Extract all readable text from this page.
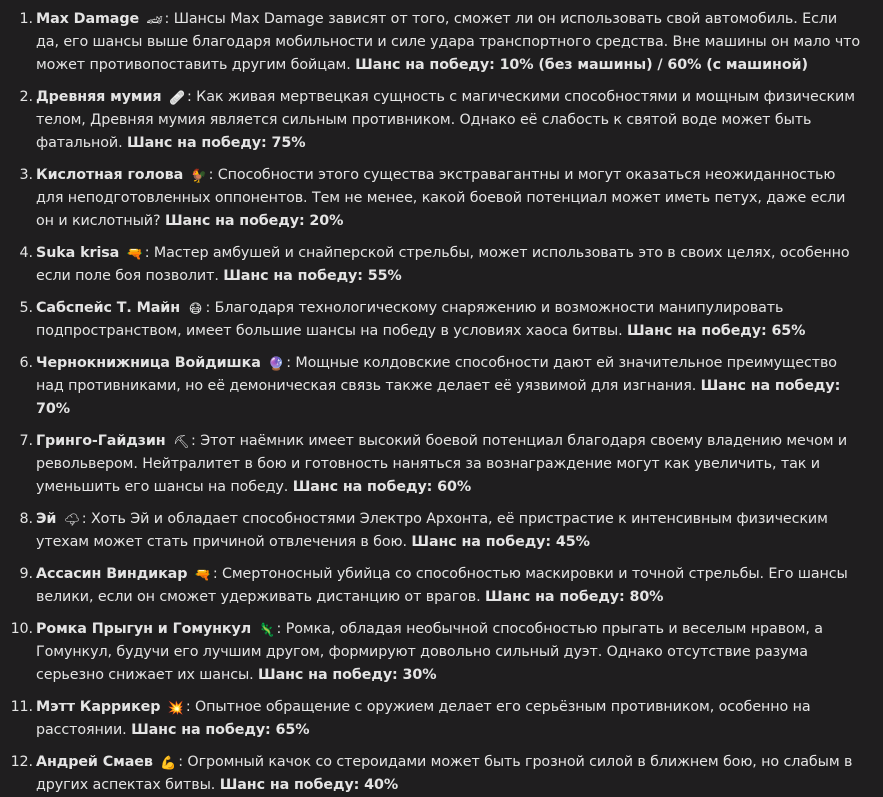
1. Max Damage 🏎 : Шансы Max Damage зависят от того, сможет ли он использовать свой автомобиль. Если да, его шансы выше благодаря мобильности и силе удара транспортного средства. Вне машины он мало что может противопоставить другим бойцам. Шанс на победу: 10% (без машины) / 60% (с машиной)
2. Древняя мумия 🩹 : Как живая мертвецкая сущность с магическими способностями и мощным физическим телом, Древняя мумия является сильным противником. Однако её слабость к святой воде может быть фатальной. Шанс на победу: 75%
3. Кислотная голова 🐓 : Способности этого существа экстравагантны и могут оказаться неожиданностью для неподготовленных оппонентов. Тем не менее, какой боевой потенциал может иметь петух, даже если он и кислотный? Шанс на победу: 20%
4. Suka krisa 🔫 : Мастер амбушей и снайперской стрельбы, может использовать это в своих целях, особенно если поле боя позволит. Шанс на победу: 55%
5. Сабспейс Т. Майн 😷 : Благодаря технологическому снаряжению и возможности манипулировать подпространством, имеет большие шансы на победу в условиях хаоса битвы. Шанс на победу: 65%
6. Чернокнижница Войдишка 🔮 : Мощные колдовские способности дают ей значительное преимущество над противниками, но её демоническая связь также делает её уязвимой для изгнания. Шанс на победу: 70%
7. Гринго-Гайдзин ⛏ : Этот наёмник имеет высокий боевой потенциал благодаря своему владению мечом и револьвером. Нейтралитет в бою и готовность наняться за вознаграждение могут как увеличить, так и уменьшить его шансы на победу. Шанс на победу: 60%
8. Эй 🌩 : Хоть Эй и обладает способностями Электро Архонта, её пристрастие к интенсивным физическим утехам может стать причиной отвлечения в бою. Шанс на победу: 45%
9. Ассасин Виндикар 🔫 : Смертоносный убийца со способностью маскировки и точной стрельбы. Его шансы велики, если он сможет удерживать дистанцию от врагов. Шанс на победу: 80%
10. Ромка Прыгун и Гомункул 🦎 : Ромка, обладая необычной способностью прыгать и веселым нравом, а Гомункул, будучи его лучшим другом, формируют довольно сильный дуэт. Однако отсутствие разума серьезно снижает их шансы. Шанс на победу: 30%
11. Мэтт Каррикер 💥 : Опытное обращение с оружием делает его серьёзным противником, особенно на расстоянии. Шанс на победу: 65%
12. Андрей Смаев 💪 : Огромный качок со стероидами может быть грозной силой в ближнем бою, но слабым в других аспектах битвы. Шанс на победу: 40%
